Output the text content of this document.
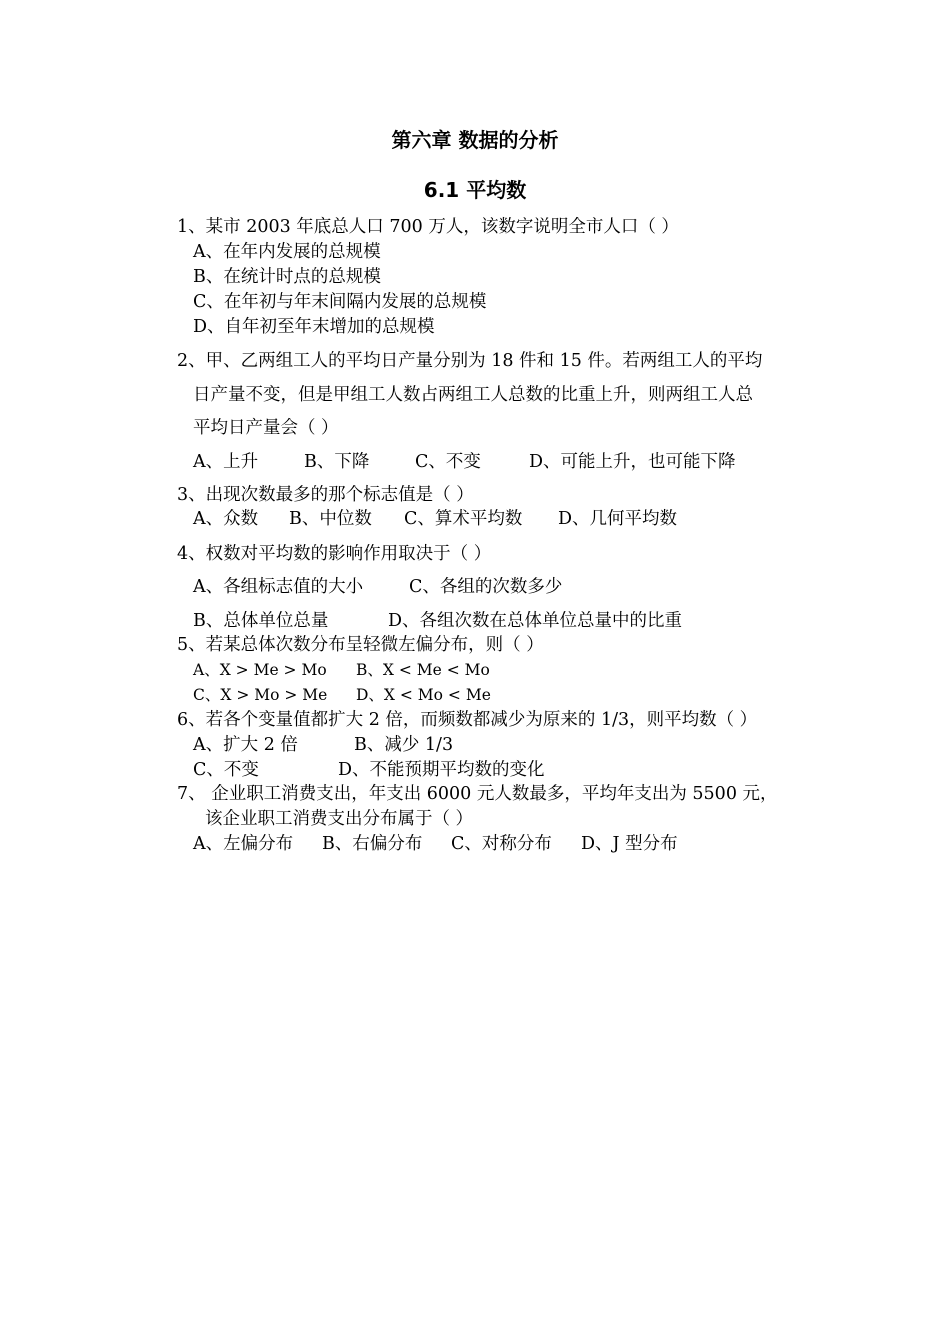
第六章 数据的分析
6.1 平均数
1、某市 2003 年底总人口 700 万人，该数字说明全市人口（ ）
A、在年内发展的总规模
B、在统计时点的总规模
C、在年初与年末间隔内发展的总规模
D、自年初至年末增加的总规模
2、甲、乙两组工人的平均日产量分别为 18 件和 15 件。若两组工人的平均
日产量不变，但是甲组工人数占两组工人总数的比重上升，则两组工人总
平均日产量会（ ）
A、上升	B、下降	C、不变	D、可能上升，也可能下降
3、出现次数最多的那个标志值是（ ）
A、众数 B、中位数 C、算术平均数 D、几何平均数
4、权数对平均数的影响作用取决于（ ）
A、各组标志值的大小	C、各组的次数多少
B、总体单位总量	D、各组次数在总体单位总量中的比重
5、若某总体次数分布呈轻微左偏分布，则（ ）
A、X > Me > Mo B、X < Me < Mo
C、X > Mo > Me D、X < Mo < Me
6、若各个变量值都扩大 2 倍，而频数都减少为原来的 1/3，则平均数（ ）
A、扩大 2 倍	B、减少 1/3
C、不变	D、不能预期平均数的变化
7、 企业职工消费支出，年支出 6000 元人数最多，平均年支出为 5500 元，
该企业职工消费支出分布属于（ ）
A、左偏分布 B、右偏分布 C、对称分布 D、J 型分布
